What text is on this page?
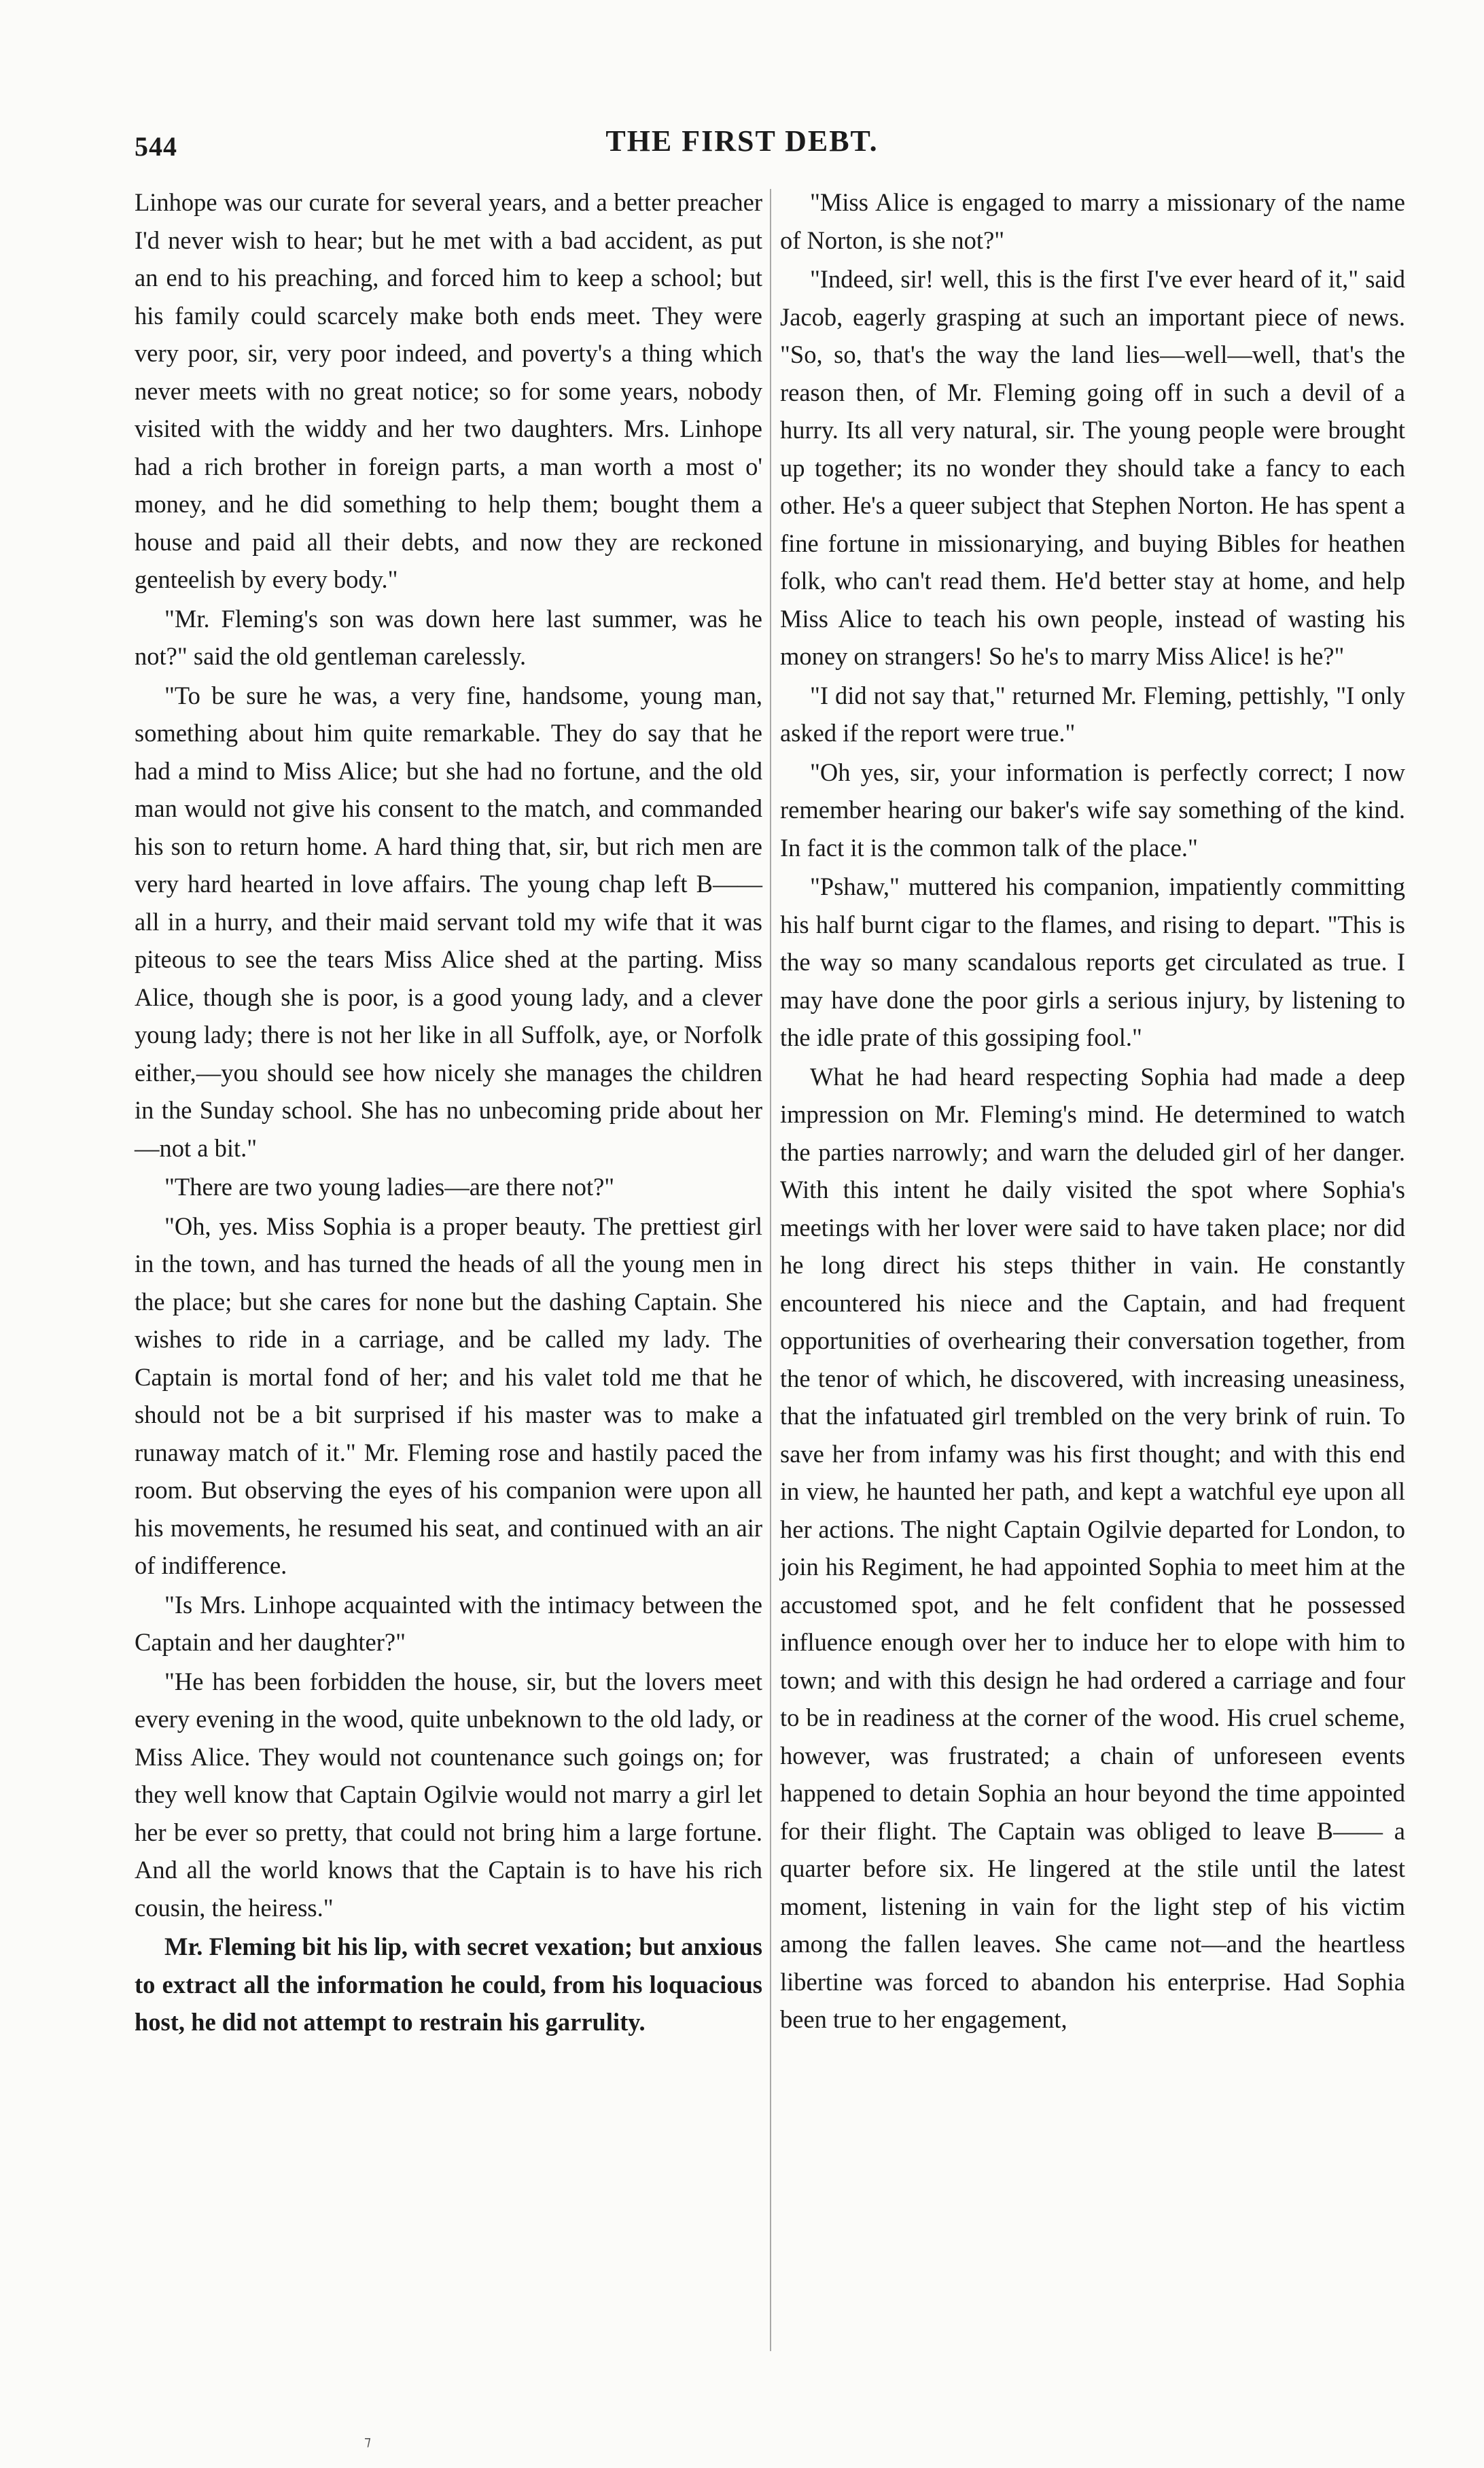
544	THE FIRST DEBT.

Linhope was our curate for several years, and a better preacher I'd never wish to hear; but he met with a bad accident, as put an end to his preaching, and forced him to keep a school; but his family could scarcely make both ends meet. They were very poor, sir, very poor indeed, and poverty's a thing which never meets with no great notice; so for some years, nobody visited with the widdy and her two daughters. Mrs. Linhope had a rich brother in foreign parts, a man worth a most o' money, and he did something to help them; bought them a house and paid all their debts, and now they are reckoned genteelish by every body."

"Mr. Fleming's son was down here last summer, was he not?" said the old gentleman carelessly.

"To be sure he was, a very fine, handsome, young man, something about him quite remarkable. They do say that he had a mind to Miss Alice; but she had no fortune, and the old man would not give his consent to the match, and commanded his son to return home. A hard thing that, sir, but rich men are very hard hearted in love affairs. The young chap left B—— all in a hurry, and their maid servant told my wife that it was piteous to see the tears Miss Alice shed at the parting. Miss Alice, though she is poor, is a good young lady, and a clever young lady; there is not her like in all Suffolk, aye, or Norfolk either,—you should see how nicely she manages the children in the Sunday school. She has no unbecoming pride about her—not a bit."

"There are two young ladies—are there not?"

"Oh, yes. Miss Sophia is a proper beauty. The prettiest girl in the town, and has turned the heads of all the young men in the place; but she cares for none but the dashing Captain. She wishes to ride in a carriage, and be called my lady. The Captain is mortal fond of her; and his valet told me that he should not be a bit surprised if his master was to make a runaway match of it." Mr. Fleming rose and hastily paced the room. But observing the eyes of his companion were upon all his movements, he resumed his seat, and continued with an air of indifference.

"Is Mrs. Linhope acquainted with the intimacy between the Captain and her daughter?"

"He has been forbidden the house, sir, but the lovers meet every evening in the wood, quite unbeknown to the old lady, or Miss Alice. They would not countenance such goings on; for they well know that Captain Ogilvie would not marry a girl let her be ever so pretty, that could not bring him a large fortune. And all the world knows that the Captain is to have his rich cousin, the heiress."

Mr. Fleming bit his lip, with secret vexation; but anxious to extract all the information he could, from his loquacious host, he did not attempt to restrain his garrulity.

"Miss Alice is engaged to marry a missionary of the name of Norton, is she not?"

"Indeed, sir! well, this is the first I've ever heard of it," said Jacob, eagerly grasping at such an important piece of news. "So, so, that's the way the land lies—well—well, that's the reason then, of Mr. Fleming going off in such a devil of a hurry. Its all very natural, sir. The young people were brought up together; its no wonder they should take a fancy to each other. He's a queer subject that Stephen Norton. He has spent a fine fortune in missionarying, and buying Bibles for heathen folk, who can't read them. He'd better stay at home, and help Miss Alice to teach his own people, instead of wasting his money on strangers! So he's to marry Miss Alice! is he?"

"I did not say that," returned Mr. Fleming, pettishly, "I only asked if the report were true."

"Oh yes, sir, your information is perfectly correct; I now remember hearing our baker's wife say something of the kind. In fact it is the common talk of the place."

"Pshaw," muttered his companion, impatiently committing his half burnt cigar to the flames, and rising to depart. "This is the way so many scandalous reports get circulated as true. I may have done the poor girls a serious injury, by listening to the idle prate of this gossiping fool."

What he had heard respecting Sophia had made a deep impression on Mr. Fleming's mind. He determined to watch the parties narrowly; and warn the deluded girl of her danger. With this intent he daily visited the spot where Sophia's meetings with her lover were said to have taken place; nor did he long direct his steps thither in vain. He constantly encountered his niece and the Captain, and had frequent opportunities of overhearing their conversation together, from the tenor of which, he discovered, with increasing uneasiness, that the infatuated girl trembled on the very brink of ruin. To save her from infamy was his first thought; and with this end in view, he haunted her path, and kept a watchful eye upon all her actions. The night Captain Ogilvie departed for London, to join his Regiment, he had appointed Sophia to meet him at the accustomed spot, and he felt confident that he possessed influence enough over her to induce her to elope with him to town; and with this design he had ordered a carriage and four to be in readiness at the corner of the wood. His cruel scheme, however, was frustrated; a chain of unforeseen events happened to detain Sophia an hour beyond the time appointed for their flight. The Captain was obliged to leave B—— a quarter before six. He lingered at the stile until the latest moment, listening in vain for the light step of his victim among the fallen leaves. She came not—and the heartless libertine was forced to abandon his enterprise. Had Sophia been true to her engagement,

⁊
